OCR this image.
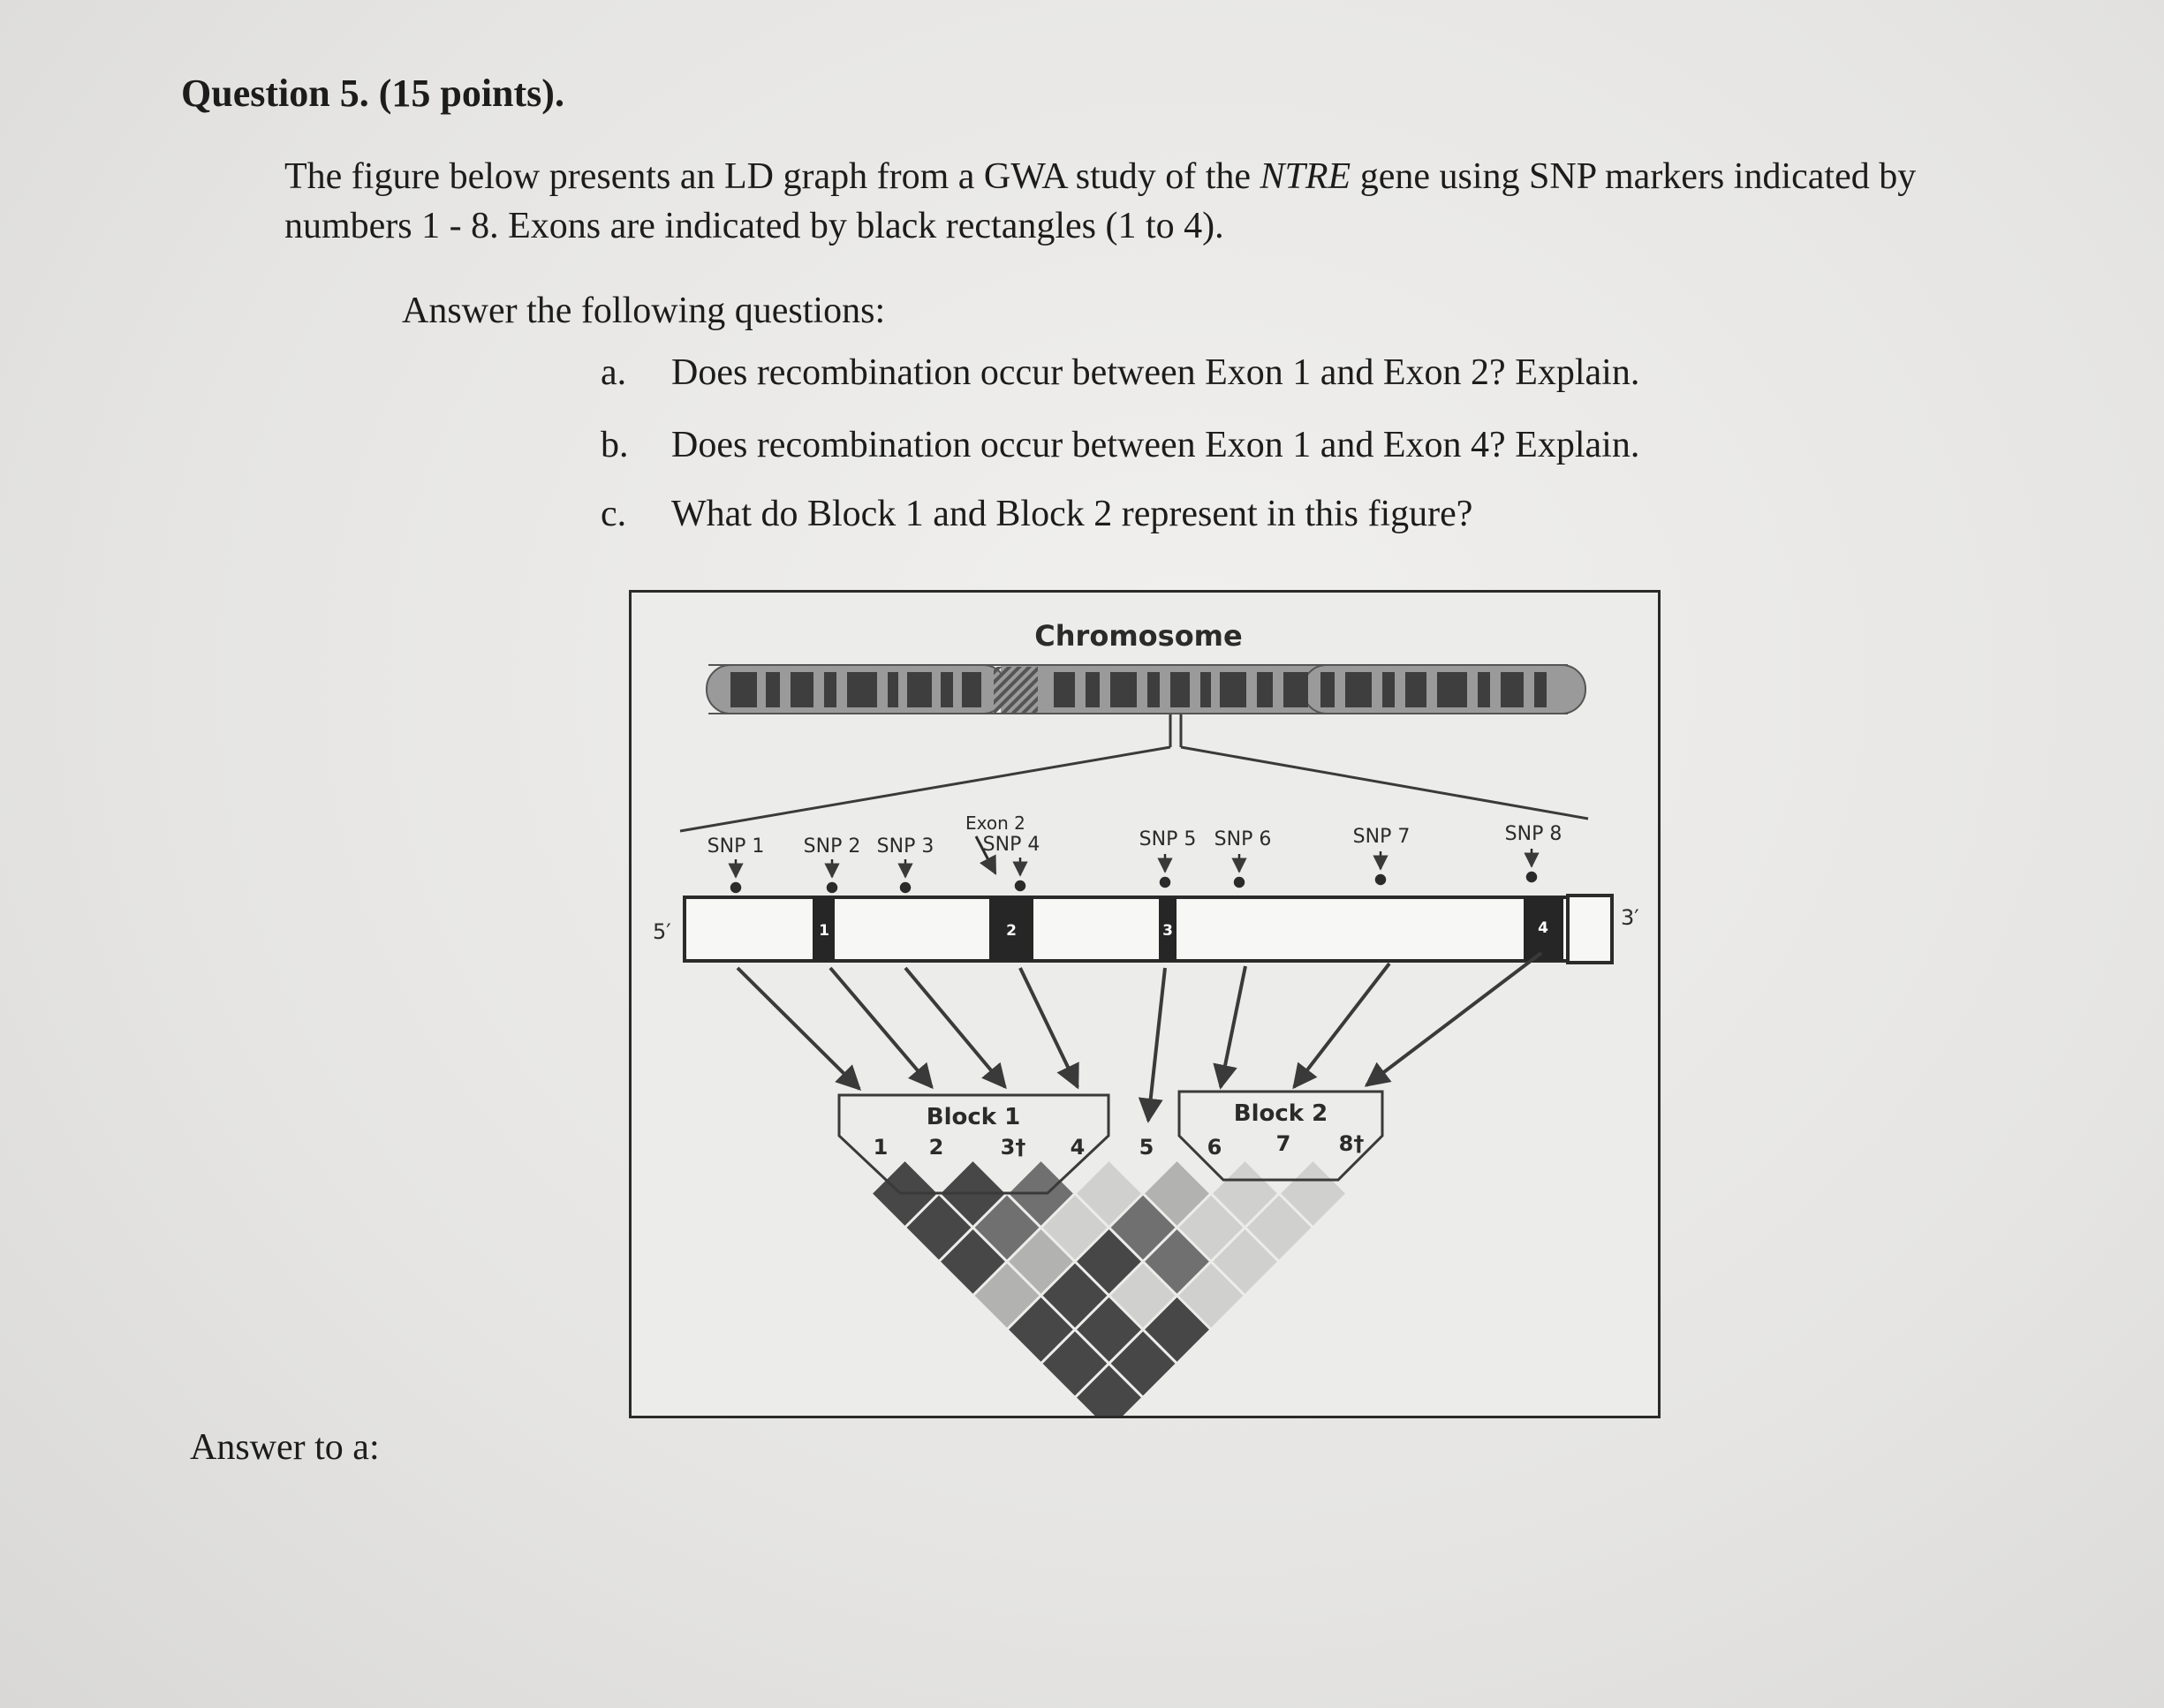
Question 5. (15 points).
The figure below presents an LD graph from a GWA study of the NTRE gene using SNP markers indicated by numbers 1 - 8. Exons are indicated by black rectangles (1 to 4).
Answer the following questions:
a.	Does recombination occur between Exon 1 and Exon 2? Explain.
b.	Does recombination occur between Exon 1 and Exon 4? Explain.
c.	What do Block 1 and Block 2 represent in this figure?
Chromosome
Exon 2
SNP 1 SNP 2 SNP 3	SNP 4	SNP 5 SNP 6	SNP 7	SNP 8
1	2	3	4
5′
3′
Block 1	Block 2
1 2	3† 4	5	6	7 8†
Answer to a:
